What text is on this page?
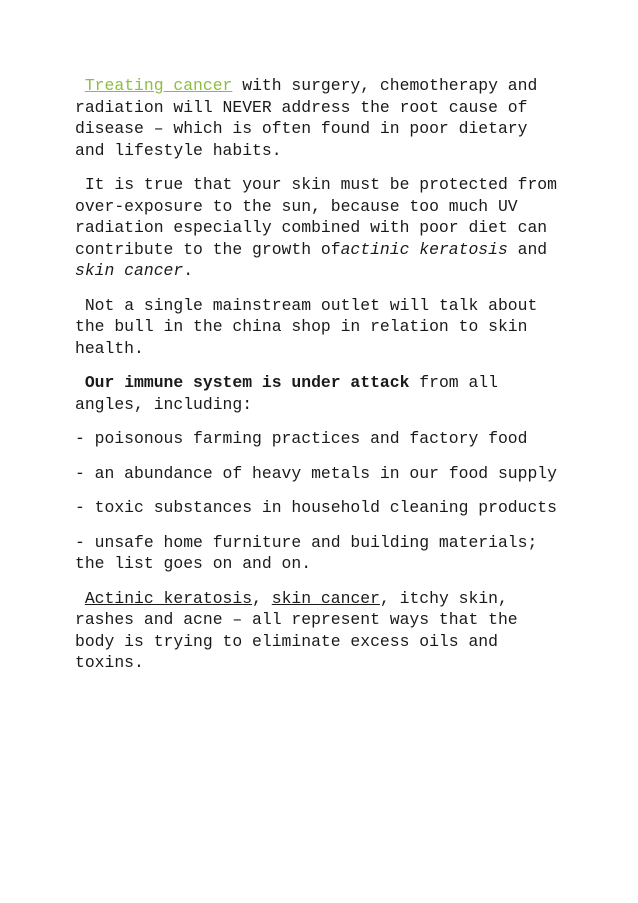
Treating cancer with surgery, chemotherapy and radiation will NEVER address the root cause of disease – which is often found in poor dietary and lifestyle habits.

It is true that your skin must be protected from over-exposure to the sun, because too much UV radiation especially combined with poor diet can contribute to the growth ofactinic keratosis and skin cancer.

Not a single mainstream outlet will talk about the bull in the china shop in relation to skin health.

Our immune system is under attack from all angles, including:

- poisonous farming practices and factory food

- an abundance of heavy metals in our food supply

- toxic substances in household cleaning products

- unsafe home furniture and building materials; the list goes on and on.

Actinic keratosis, skin cancer, itchy skin, rashes and acne – all represent ways that the body is trying to eliminate excess oils and toxins.
